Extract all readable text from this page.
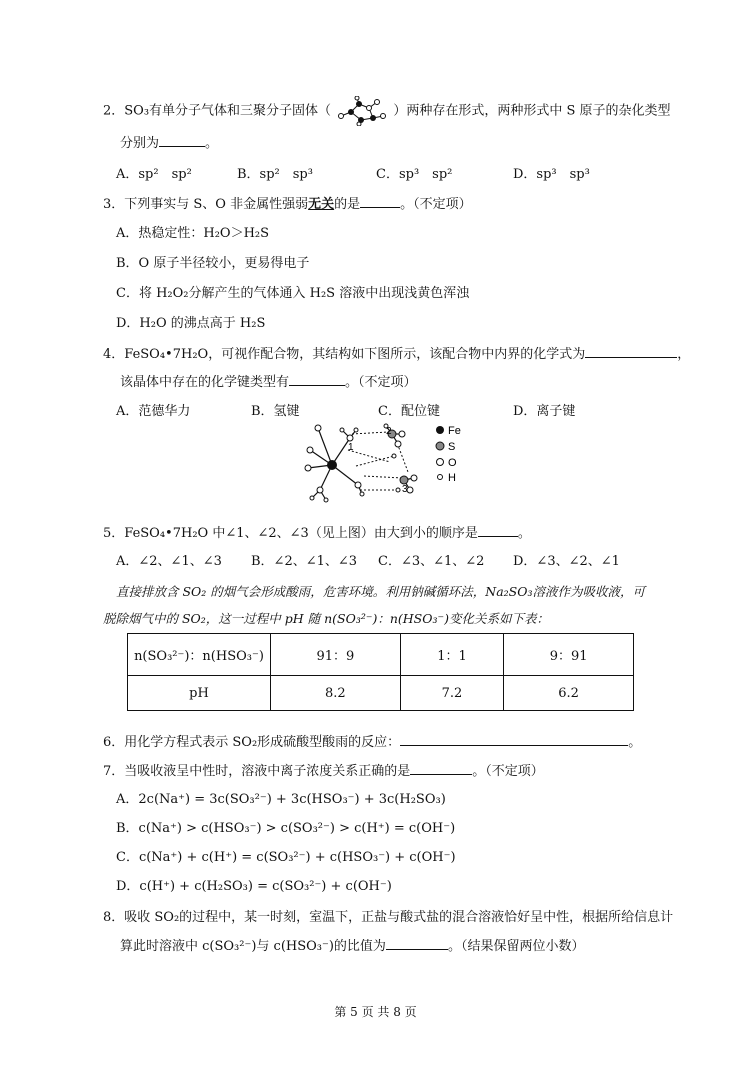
2．SO₃有单分子气体和三聚分子固体（	）两种存在形式，两种形式中 S 原子的杂化类型
分别为	。
A．sp²　sp²	B．sp²　sp³	C．sp³　sp²	D．sp³　sp³
3．下列事实与 S、O 非金属性强弱无关的是	。（不定项）
A．热稳定性：H₂O＞H₂S
B．O 原子半径较小，更易得电子
C．将 H₂O₂分解产生的气体通入 H₂S 溶液中出现浅黄色浑浊
D．H₂O 的沸点高于 H₂S
4．FeSO₄•7H₂O，可视作配合物，其结构如下图所示，该配合物中内界的化学式为	，
该晶体中存在的化学键类型有	。（不定项）
A．范德华力	B．氢键	C．配位键	D．离子键
1
2
3
Fe
S
O
H
5．FeSO₄•7H₂O 中∠1、∠2、∠3（见上图）由大到小的顺序是	。
A．∠2、∠1、∠3 B．∠2、∠1、∠3 C．∠3、∠1、∠2 D．∠3、∠2、∠1
直接排放含 SO₂ 的烟气会形成酸雨，危害环境。利用钠碱循环法，Na₂SO₃溶液作为吸收液，可
脱除烟气中的 SO₂，这一过程中 pH 随 n(SO₃²⁻)：n(HSO₃⁻)变化关系如下表：
n(SO₃²⁻)：n(HSO₃⁻)	91：9	1：1	9：91
pH	8.2	7.2	6.2
6．用化学方程式表示 SO₂形成硫酸型酸雨的反应：	。
7．当吸收液呈中性时，溶液中离子浓度关系正确的是	。（不定项）
A．2c(Na⁺) = 3c(SO₃²⁻) + 3c(HSO₃⁻) + 3c(H₂SO₃)
B．c(Na⁺) > c(HSO₃⁻) > c(SO₃²⁻) > c(H⁺) = c(OH⁻)
C．c(Na⁺) + c(H⁺) = c(SO₃²⁻) + c(HSO₃⁻) + c(OH⁻)
D．c(H⁺) + c(H₂SO₃) = c(SO₃²⁻) + c(OH⁻)
8．吸收 SO₂的过程中，某一时刻，室温下，正盐与酸式盐的混合溶液恰好呈中性，根据所给信息计
算此时溶液中 c(SO₃²⁻)与 c(HSO₃⁻)的比值为	。（结果保留两位小数）
第 5 页 共 8 页
